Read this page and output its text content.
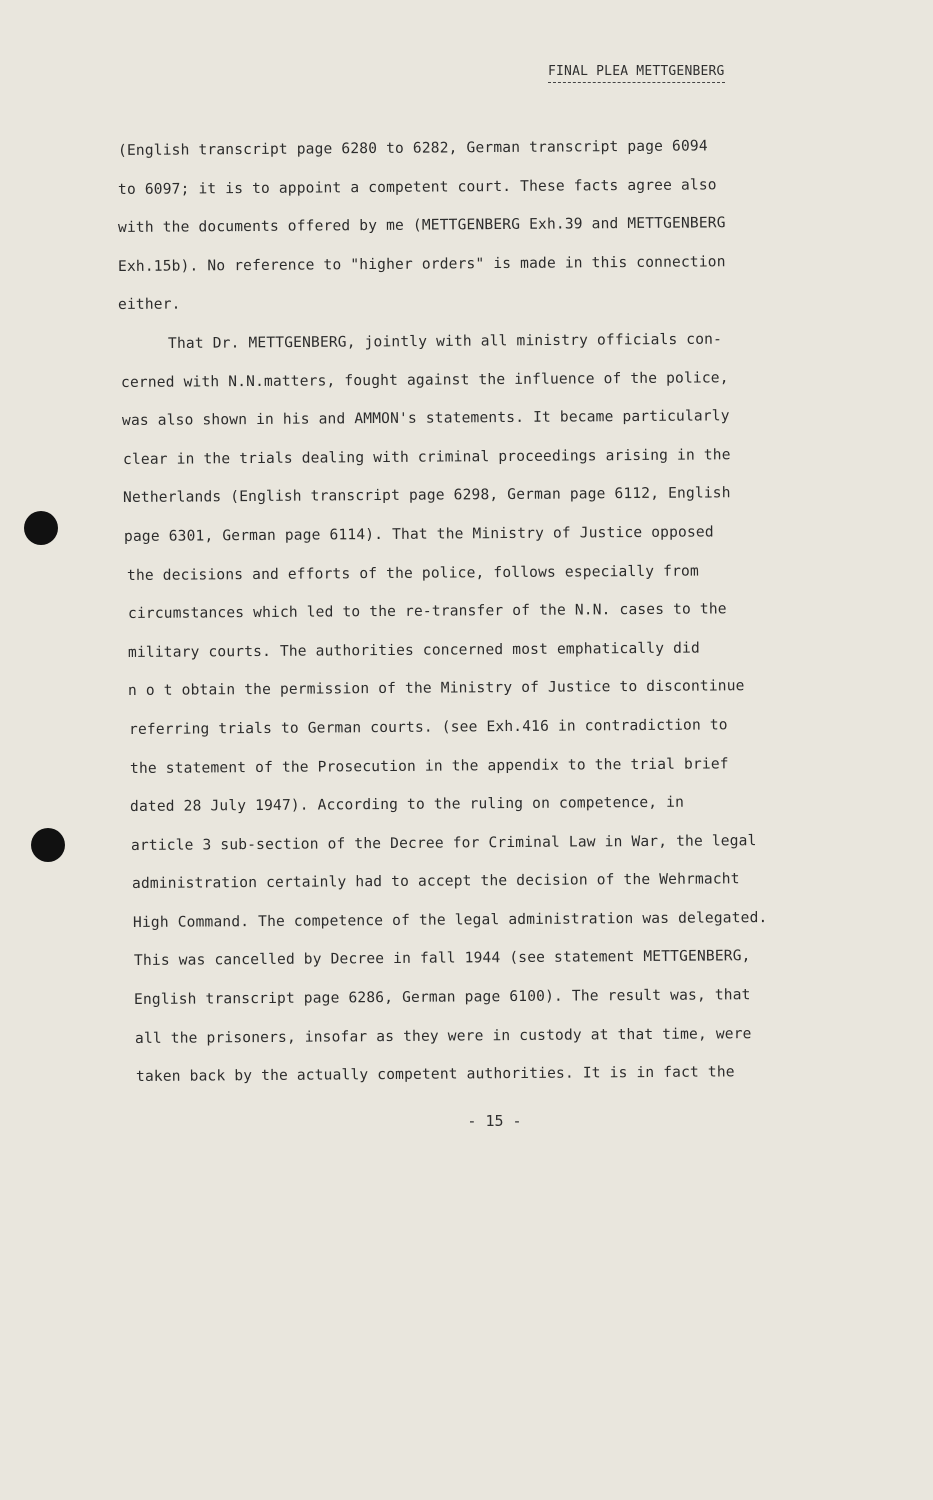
FINAL PLEA METTGENBERG
(English transcript page 6280 to 6282, German transcript page 6094
to 6097; it is to appoint a competent court. These facts agree also
with the documents offered by me (METTGENBERG Exh.39 and METTGENBERG
Exh.15b). No reference to "higher orders" is made in this connection
either.
That Dr. METTGENBERG, jointly with all ministry officials con-
cerned with N.N.matters, fought against the influence of the police,
was also shown in his and AMMON's statements. It became particularly
clear in the trials dealing with criminal proceedings arising in the
Netherlands (English transcript page 6298, German page 6112, English
page 6301, German page 6114). That the Ministry of Justice opposed
the decisions and efforts of the police, follows especially from
circumstances which led to the re-transfer of the N.N. cases to the
military courts. The authorities concerned most emphatically did
n o t obtain the permission of the Ministry of Justice to discontinue
referring trials to German courts. (see Exh.416 in contradiction to
the statement of the Prosecution in the appendix to the trial brief
dated 28 July 1947). According to the ruling on competence, in
article 3 sub-section of the Decree for Criminal Law in War, the legal
administration certainly had to accept the decision of the Wehrmacht
High Command. The competence of the legal administration was delegated.
This was cancelled by Decree in fall 1944 (see statement METTGENBERG,
English transcript page 6286, German page 6100). The result was, that
all the prisoners, insofar as they were in custody at that time, were
taken back by the actually competent authorities. It is in fact the
- 15 -
